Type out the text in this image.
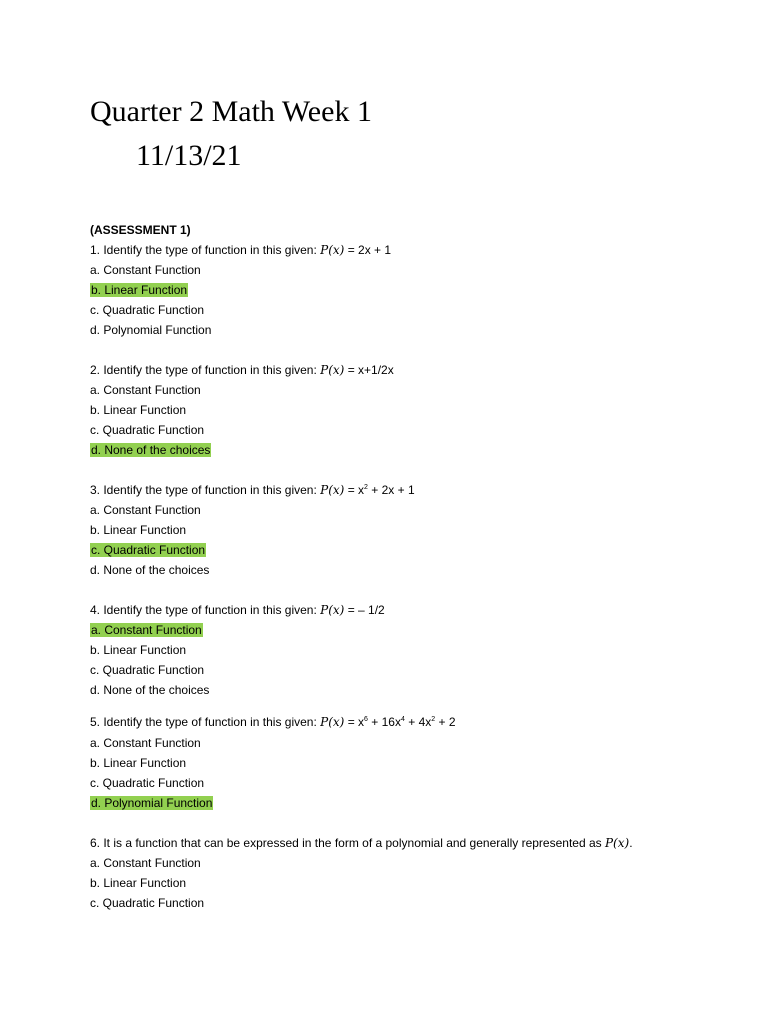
Quarter 2 Math Week 1
11/13/21
(ASSESSMENT 1)
1. Identify the type of function in this given: P(x) = 2x + 1
a. Constant Function
b. Linear Function
c. Quadratic Function
d. Polynomial Function
2. Identify the type of function in this given: P(x) = x+1/2x
a. Constant Function
b. Linear Function
c. Quadratic Function
d. None of the choices
3. Identify the type of function in this given: $P(x) = x^2 + 2x + 1$
a. Constant Function
b. Linear Function
c. Quadratic Function
d. None of the choices
4. Identify the type of function in this given: P(x) = – 1/2
a. Constant Function
b. Linear Function
c. Quadratic Function
d. None of the choices
5. Identify the type of function in this given: $P(x) = x^6 + 16x^4 + 4x^2 + 2$
a. Constant Function
b. Linear Function
c. Quadratic Function
d. Polynomial Function
6. It is a function that can be expressed in the form of a polynomial and generally represented as P(x).
a. Constant Function
b. Linear Function
c. Quadratic Function
